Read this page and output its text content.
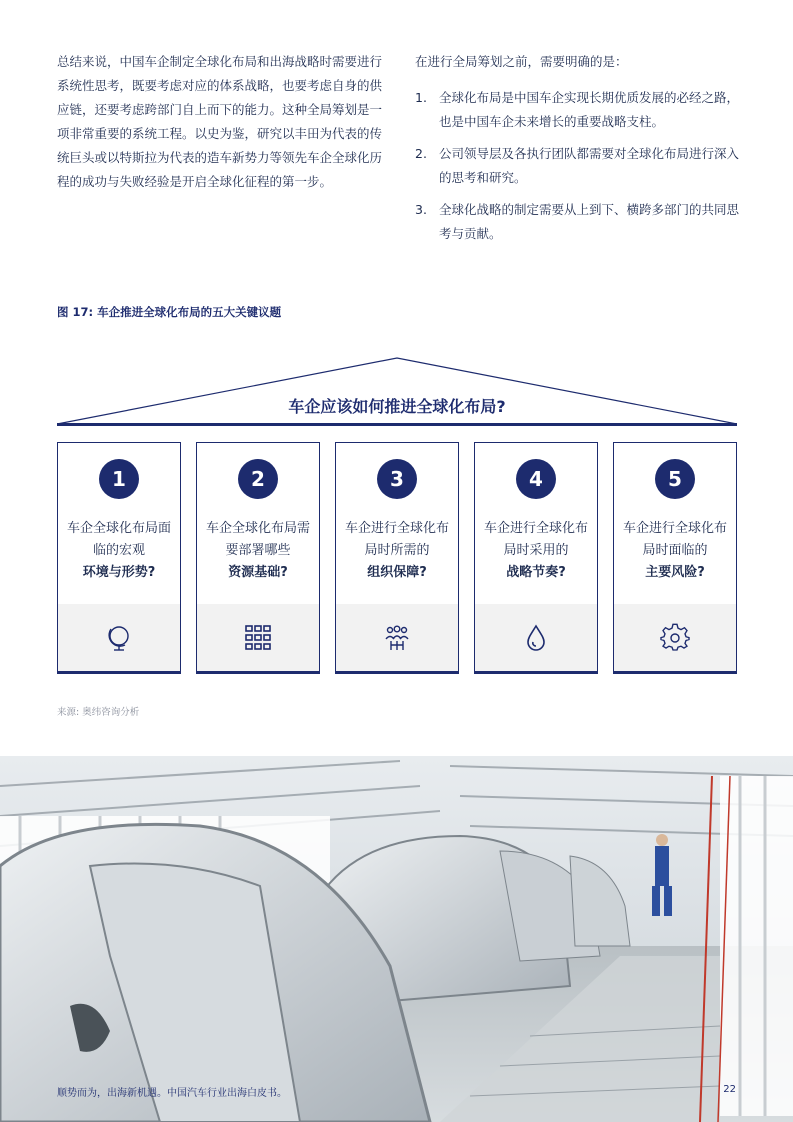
总结来说，中国车企制定全球化布局和出海战略时需要进行系统性思考，既要考虑对应的体系战略，也要考虑自身的供应链，还要考虑跨部门自上而下的能力。这种全局筹划是一项非常重要的系统工程。以史为鉴，研究以丰田为代表的传统巨头或以特斯拉为代表的造车新势力等领先车企全球化历程的成功与失败经验是开启全球化征程的第一步。

在进行全局筹划之前，需要明确的是：

1. 全球化布局是中国车企实现长期优质发展的必经之路，也是中国车企未来增长的重要战略支柱。
2. 公司领导层及各执行团队都需要对全球化布局进行深入的思考和研究。
3. 全球化战略的制定需要从上到下、横跨多部门的共同思考与贡献。
图 17: 车企推进全球化布局的五大关键议题
车企应该如何推进全球化布局?
1
车企全球化布局面临的宏观
环境与形势?
2
车企全球化布局需要部署哪些
资源基础?
3
车企进行全球化布局时所需的
组织保障?
4
车企进行全球化布局时采用的
战略节奏?
5
车企进行全球化布局时面临的
主要风险?
来源: 奥纬咨询分析
顺势而为，出海新机遇。中国汽车行业出海白皮书。	22
